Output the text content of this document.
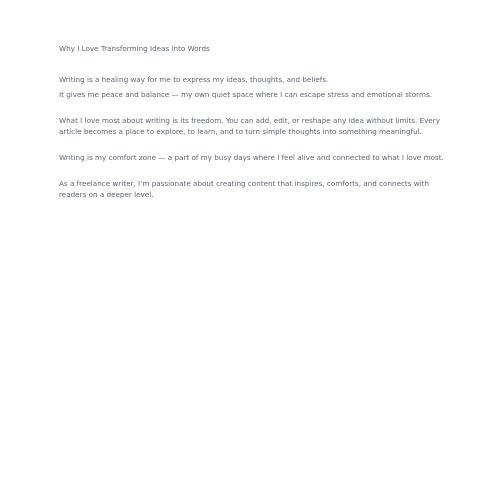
Why I Love Transforming Ideas into Words

Writing is a healing way for me to express my ideas, thoughts, and beliefs.

It gives me peace and balance — my own quiet space where I can escape stress and emotional storms.

What I love most about writing is its freedom. You can add, edit, or reshape any idea without limits. Every article becomes a place to explore, to learn, and to turn simple thoughts into something meaningful.

Writing is my comfort zone — a part of my busy days where I feel alive and connected to what I love most.

As a freelance writer, I’m passionate about creating content that inspires, comforts, and connects with readers on a deeper level.
